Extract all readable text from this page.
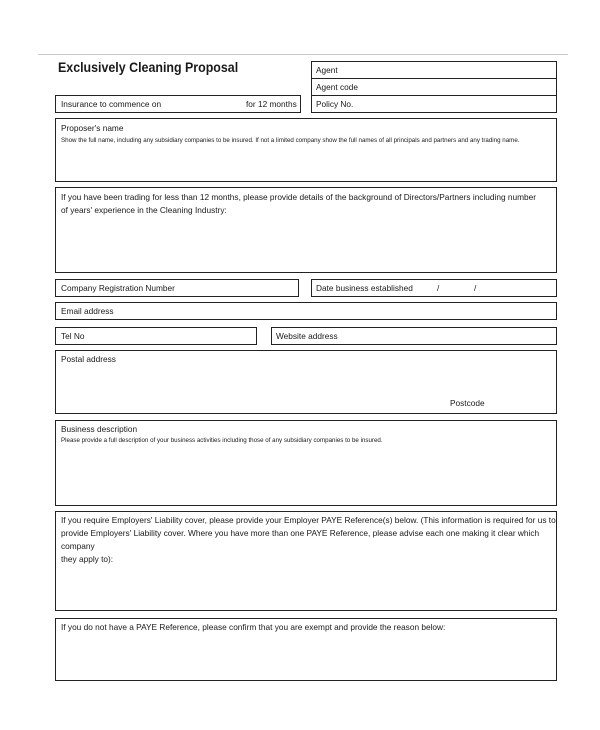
Exclusively Cleaning Proposal	Agent
Agent code
Policy No.
Insurance to commence on	for 12 months
Proposer's name
Show the full name, including any subsidiary companies to be insured. If not a limited company show the full names of all principals and partners and any trading name.
If you have been trading for less than 12 months, please provide details of the background of Directors/Partners including number
of years' experience in the Cleaning Industry:
Company Registration Number	Date business established	/	/
Email address
Tel No	Website address
Postal address
Postcode
Business description
Please provide a full description of your business activities including those of any subsidiary companies to be insured.
If you require Employers' Liability cover, please provide your Employer PAYE Reference(s) below. (This information is required for us to
provide Employers' Liability cover. Where you have more than one PAYE Reference, please advise each one making it clear which company
they apply to):
If you do not have a PAYE Reference, please confirm that you are exempt and provide the reason below:
